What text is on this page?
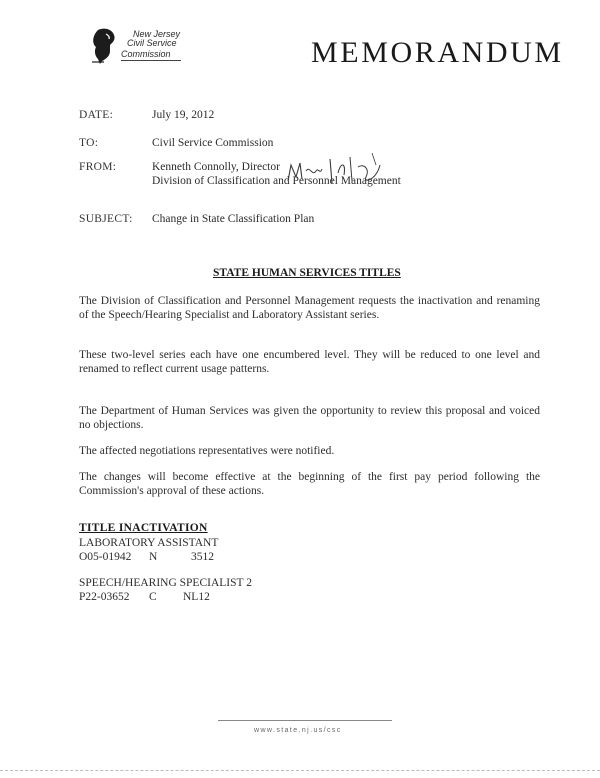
New Jersey
Civil Service
Commission	MEMORANDUM
DATE:	July 19, 2012
TO:	Civil Service Commission
FROM:	Kenneth Connolly, Director
Division of Classification and Personnel Management
SUBJECT: Change in State Classification Plan
STATE HUMAN SERVICES TITLES
The Division of Classification and Personnel Management requests the inactivation and renaming of the Speech/Hearing Specialist and Laboratory Assistant series.
These two-level series each have one encumbered level. They will be reduced to one level and renamed to reflect current usage patterns.
The Department of Human Services was given the opportunity to review this proposal and voiced no objections.
The affected negotiations representatives were notified.
The changes will become effective at the beginning of the first pay period following the Commission's approval of these actions.
TITLE INACTIVATION
LABORATORY ASSISTANT
O05-01942 N	3512
SPEECH/HEARING SPECIALIST 2
P22-03652 C NL12
www.state.nj.us/csc
